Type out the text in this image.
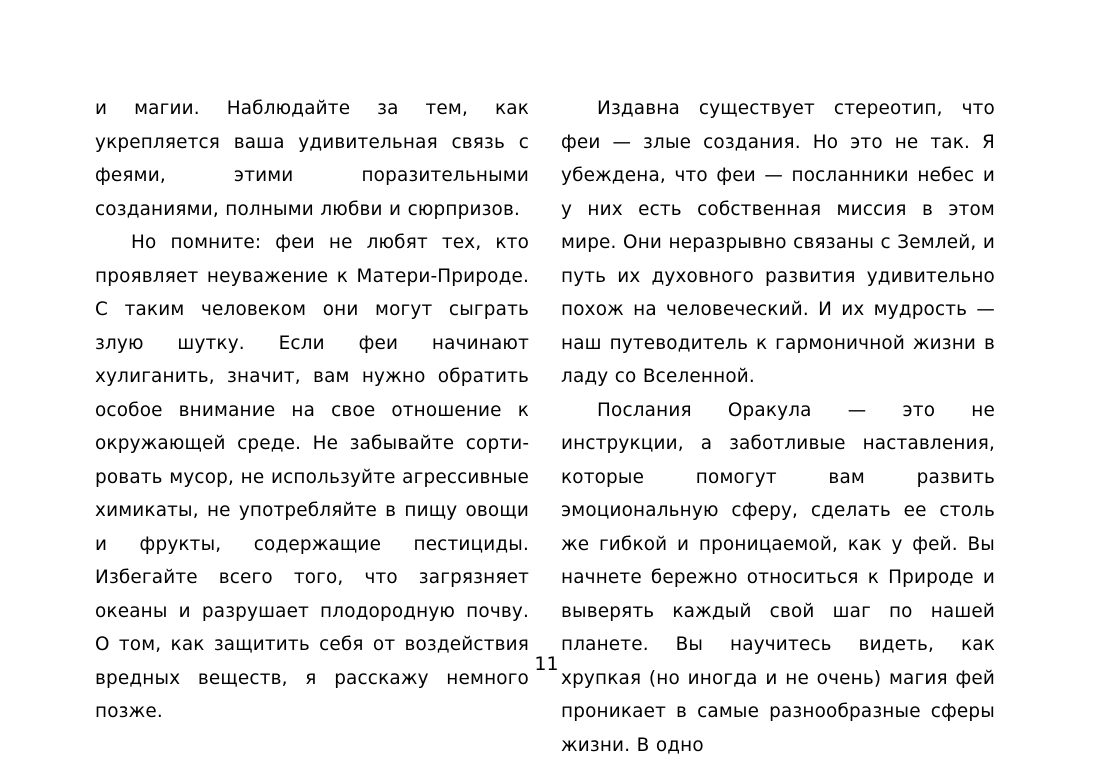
и магии. Наблюдайте за тем, как укрепляется ваша удивительная связь с феями, этими поразительными созданиями, полными любви и сюрпризов.

Но помните: феи не любят тех, кто проявляет неуважение к Матери-Природе. С таким человеком они могут сыграть злую шутку. Если феи начинают хулиганить, значит, вам нужно обратить особое внимание на свое отношение к окружающей среде. Не забывайте сортировать мусор, не используйте агрессивные химикаты, не употребляйте в пищу овощи и фрукты, содержащие пестициды. Избегайте всего того, что загрязняет океаны и разрушает плодородную почву. О том, как защитить себя от воздействия вредных веществ, я расскажу немного позже.

Издавна существует стереотип, что феи — злые создания. Но это не так. Я убеждена, что феи — посланники небес и у них есть собственная миссия в этом мире. Они неразрывно связаны с Землей, и путь их духовного развития удивительно похож на человеческий. И их мудрость — наш путеводитель к гармоничной жизни в ладу со Вселенной.

Послания Оракула — это не инструкции, а заботливые наставления, которые помогут вам развить эмоциональную сферу, сделать ее столь же гибкой и проницаемой, как у фей. Вы начнете бережно относиться к Природе и выверять каждый свой шаг по нашей планете. Вы научитесь видеть, как хрупкая (но иногда и не очень) магия фей проникает в самые разнообразные сферы жизни. В одно

11
